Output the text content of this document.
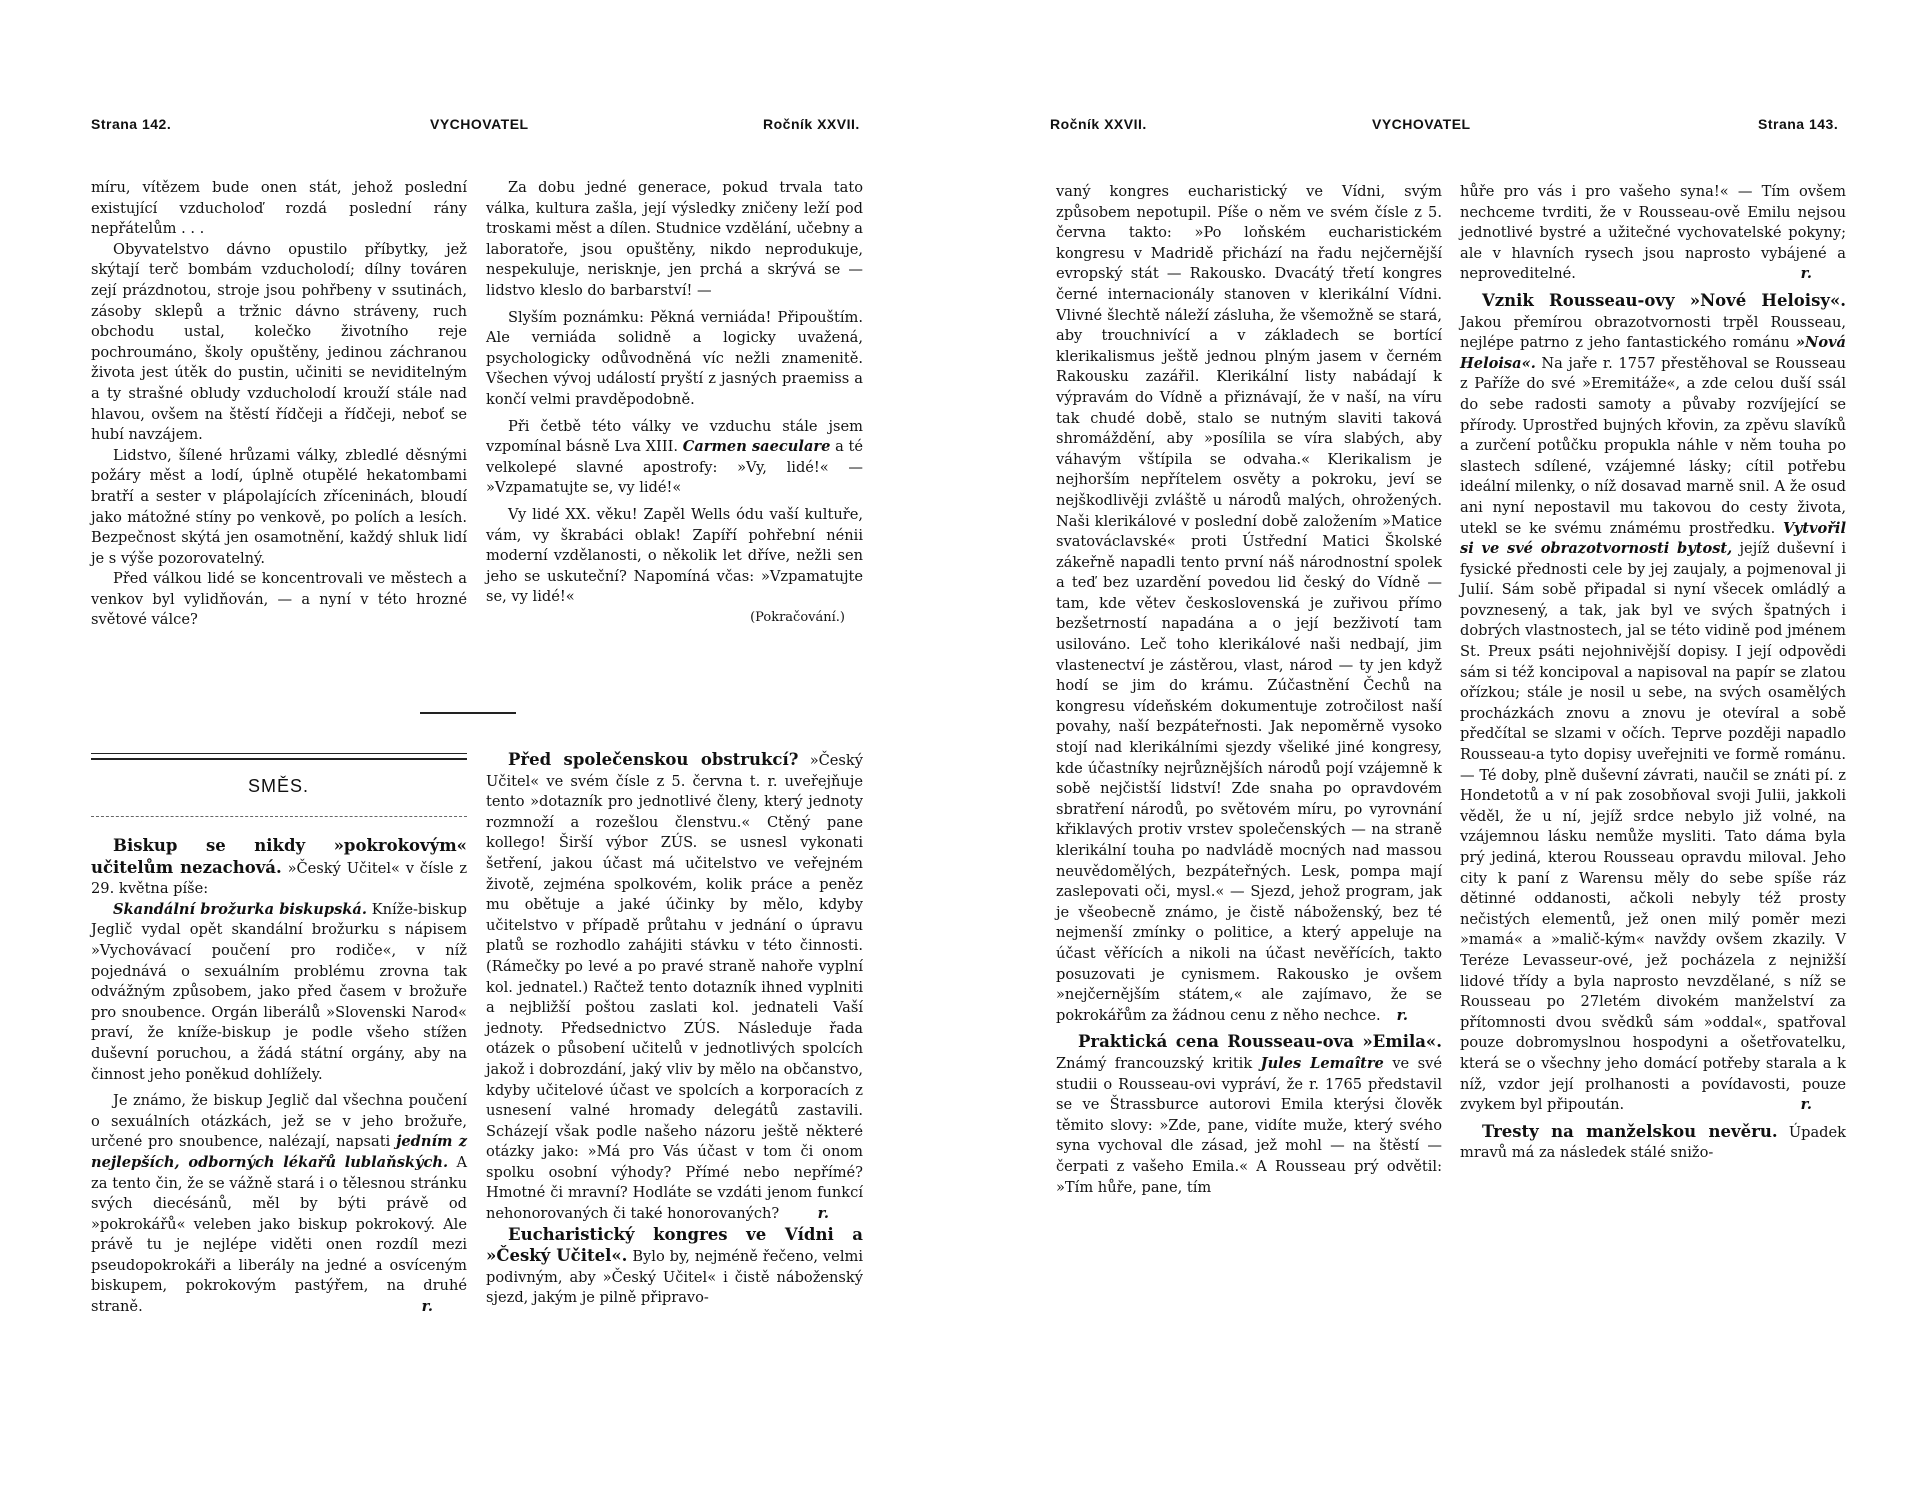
Strana 142.	VYCHOVATEL	Ročník XXVII.

míru, vítězem bude onen stát, jehož poslední existující vzducholoď rozdá poslední rány nepřátelům . . .

Obyvatelstvo dávno opustilo příbytky, jež skýtají terč bombám vzducholodí; dílny továren zejí prázdnotou, stroje jsou pohřbeny v ssutinách, zásoby sklepů a tržnic dávno stráveny, ruch obchodu ustal, kolečko životního reje pochroumáno, školy opuštěny, jedinou záchranou života jest útěk do pustin, učiniti se neviditelným a ty strašné obludy vzducholodí krouží stále nad hlavou, ovšem na štěstí řídčeji a řídčeji, neboť se hubí navzájem.

Lidstvo, šílené hrůzami války, zbledlé děsnými požáry měst a lodí, úplně otupělé hekatombami bratří a sester v plápolajících zříceninách, bloudí jako mátožné stíny po venkově, po polích a lesích. Bezpečnost skýtá jen osamotnění, každý shluk lidí je s výše pozorovatelný.

Před válkou lidé se koncentrovali ve městech a venkov byl vylidňován, — a nyní v této hrozné světové válce?

Za dobu jedné generace, pokud trvala tato válka, kultura zašla, její výsledky zničeny leží pod troskami měst a dílen. Studnice vzdělání, učebny a laboratoře, jsou opuštěny, nikdo neprodukuje, nespekuluje, nerisknje, jen prchá a skrývá se — lidstvo kleslo do barbarství! —

Slyším poznámku: Pěkná verniáda! Připouštím. Ale verniáda solidně a logicky uvažená, psychologicky odůvodněná víc nežli znamenitě. Všechen vývoj událostí pryští z jasných praemiss a končí velmi pravděpodobně.

Při četbě této války ve vzduchu stále jsem vzpomínal básně Lva XIII. Carmen saeculare a té velkolepé slavné apostrofy: »Vy, lidé!« — »Vzpamatujte se, vy lidé!«

Vy lidé XX. věku! Zapěl Wells ódu vaší kultuře, vám, vy škrabáci oblak! Zapíří pohřební nénii moderní vzdělanosti, o několik let dříve, nežli sen jeho se uskuteční? Napomíná včas: »Vzpamatujte se, vy lidé!«

(Pokračování.)

SMĚS.

Biskup se nikdy »pokrokovým« učitelům nezachová. »Český Učitel« v čísle z 29. května píše:

Skandální brožurka biskupská. Kníže-biskup Jeglič vydal opět skandální brožurku s nápisem »Vychovávací poučení pro rodiče«, v níž pojednává o sexuálním problému zrovna tak odvážným způsobem, jako před časem v brožuře pro snoubence. Orgán liberálů »Slovenski Narod« praví, že kníže-biskup je podle všeho stížen duševní poruchou, a žádá státní orgány, aby na činnost jeho poněkud dohlížely.

Je známo, že biskup Jeglič dal všechna poučení o sexuálních otázkách, jež se v jeho brožuře, určené pro snoubence, nalézají, napsati jedním z nejlepších, odborných lékařů lublaňských. A za tento čin, že se vážně stará i o tělesnou stránku svých diecésánů, měl by býti právě od »pokrokářů« veleben jako biskup pokrokový. Ale právě tu je nejlépe viděti onen rozdíl mezi pseudopokrokáři a liberály na jedné a osvíceným biskupem, pokrokovým pastýřem, na druhé straně.	r.

Před společenskou obstrukcí? »Český Učitel« ve svém čísle z 5. června t. r. uveřejňuje tento »dotazník pro jednotlivé členy, který jednoty rozmnoží a rozešlou členstvu.« Ctěný pane kollego! Širší výbor ZÚS. se usnesl vykonati šetření, jakou účast má učitelstvo ve veřejném životě, zejména spolkovém, kolik práce a peněz mu obětuje a jaké účinky by mělo, kdyby učitelstvo v případě průtahu v jednání o úpravu platů se rozhodlo zahájiti stávku v této činnosti. (Rámečky po levé a po pravé straně nahoře vyplní kol. jednatel.) Račtež tento dotazník ihned vyplniti a nejbližší poštou zaslati kol. jednateli Vaší jednoty. Předsednictvo ZÚS. Následuje řada otázek o působení učitelů v jednotlivých spolcích jakož i dobrozdání, jaký vliv by mělo na občanstvo, kdyby učitelové účast ve spolcích a korporacích z usnesení valné hromady delegátů zastavili. Scházejí však podle našeho názoru ještě některé otázky jako: »Má pro Vás účast v tom či onom spolku osobní výhody? Přímé nebo nepřímé? Hmotné či mravní? Hodláte se vzdáti jenom funkcí nehonorovaných či také honorovaných?	r.

Eucharistický kongres ve Vídni a »Český Učitel«. Bylo by, nejméně řečeno, velmi podivným, aby »Český Učitel« i čistě náboženský sjezd, jakým je pilně připravo-

Ročník XXVII.	VYCHOVATEL	Strana 143.

vaný kongres eucharistický ve Vídni, svým způsobem nepotupil. Píše o něm ve svém čísle z 5. června takto: »Po loňském eucharistickém kongresu v Madridě přichází na řadu nejčernější evropský stát — Rakousko. Dvacátý třetí kongres černé internacionály stanoven v klerikální Vídni. Vlivné šlechtě náleží zásluha, že všemožně se stará, aby trouchnivící a v základech se bortící klerikalismus ještě jednou plným jasem v černém Rakousku zazářil. Klerikální listy nabádají k výpravám do Vídně a přiznávají, že v naší, na víru tak chudé době, stalo se nutným slaviti taková shromáždění, aby »posílila se víra slabých, aby váhavým vštípila se odvaha.« Klerikalism je nejhorším nepřítelem osvěty a pokroku, jeví se nejškodlivěji zvláště u národů malých, ohrožených. Naši klerikálové v poslední době založením »Matice svatováclavské« proti Ústřední Matici Školské zákeřně napadli tento první náš národnostní spolek a teď bez uzardění povedou lid český do Vídně — tam, kde větev československá je zuřivou přímo bezšetrností napadána a o její bezživotí tam usilováno. Leč toho klerikálové naši nedbají, jim vlastenectví je zástěrou, vlast, národ — ty jen když hodí se jim do krámu. Zúčastnění Čechů na kongresu vídeňském dokumentuje zotročilost naší povahy, naší bezpáteřnosti. Jak nepoměrně vysoko stojí nad klerikálními sjezdy všeliké jiné kongresy, kde účastníky nejrůznějších národů pojí vzájemně k sobě nejčistší lidství! Zde snaha po opravdovém sbratření národů, po světovém míru, po vyrovnání křiklavých protiv vrstev společenských — na straně klerikální touha po nadvládě mocných nad massou neuvědomělých, bezpáteřných. Lesk, pompa mají zaslepovati oči, mysl.« — Sjezd, jehož program, jak je všeobecně známo, je čistě náboženský, bez té nejmenší zmínky o politice, a který appeluje na účast věřících a nikoli na účast nevěřících, takto posuzovati je cynismem. Rakousko je ovšem »nejčernějším státem,« ale zajímavo, že se pokrokářům za žádnou cenu z něho nechce. r.

Praktická cena Rousseau-ova »Emila«. Známý francouzský kritik Jules Lemaître ve své studii o Rousseau-ovi vypráví, že r. 1765 představil se ve Štrassburce autorovi Emila kterýsi člověk těmito slovy: »Zde, pane, vidíte muže, který svého syna vychoval dle zásad, jež mohl — na štěstí — čerpati z vašeho Emila.« A Rousseau prý odvětil: »Tím hůře, pane, tím

hůře pro vás i pro vašeho syna!« — Tím ovšem nechceme tvrditi, že v Rousseau-ově Emilu nejsou jednotlivé bystré a užitečné vychovatelské pokyny; ale v hlavních rysech jsou naprosto vybájené a neproveditelné.	r.

Vznik Rousseau-ovy »Nové Heloisy«. Jakou přemírou obrazotvornosti trpěl Rousseau, nejlépe patrno z jeho fantastického románu »Nová Heloisa«. Na jaře r. 1757 přestěhoval se Rousseau z Paříže do své »Eremitáže«, a zde celou duší ssál do sebe radosti samoty a půvaby rozvíjející se přírody. Uprostřed bujných křovin, za zpěvu slavíků a zurčení potůčku propukla náhle v něm touha po slastech sdílené, vzájemné lásky; cítil potřebu ideální milenky, o níž dosavad marně snil. A že osud ani nyní nepostavil mu takovou do cesty života, utekl se ke svému známému prostředku. Vytvořil si ve své obrazotvornosti bytost, jejíž duševní i fysické přednosti cele by jej zaujaly, a pojmenoval ji Julií. Sám sobě připadal si nyní všecek omládlý a povznesený, a tak, jak byl ve svých špatných i dobrých vlastnostech, jal se této vidině pod jménem St. Preux psáti nejohnivější dopisy. I její odpovědi sám si též koncipoval a napisoval na papír se zlatou ořízkou; stále je nosil u sebe, na svých osamělých procházkách znovu a znovu je otevíral a sobě předčítal se slzami v očích. Teprve později napadlo Rousseau-a tyto dopisy uveřejniti ve formě románu. — Té doby, plně duševní závrati, naučil se znáti pí. z Hondetotů a v ní pak zosobňoval svoji Julii, jakkoli věděl, že u ní, jejíž srdce nebylo již volné, na vzájemnou lásku nemůže mysliti. Tato dáma byla prý jediná, kterou Rousseau opravdu miloval. Jeho city k paní z Warensu měly do sebe spíše ráz dětinné oddanosti, ačkoli nebyly též prosty nečistých elementů, jež onen milý poměr mezi »mamá« a »malič-kým« navždy ovšem zkazily. V Teréze Levasseur-ové, jež pocházela z nejnižší lidové třídy a byla naprosto nevzdělané, s níž se Rousseau po 27letém divokém manželství za přítomnosti dvou svědků sám »oddal«, spatřoval pouze dobromyslnou hospodyni a ošetřovatelku, která se o všechny jeho domácí potřeby starala a k níž, vzdor její prolhanosti a povídavosti, pouze zvykem byl připoután.	r.

Tresty na manželskou nevěru. Úpadek mravů má za následek stálé snižo-
